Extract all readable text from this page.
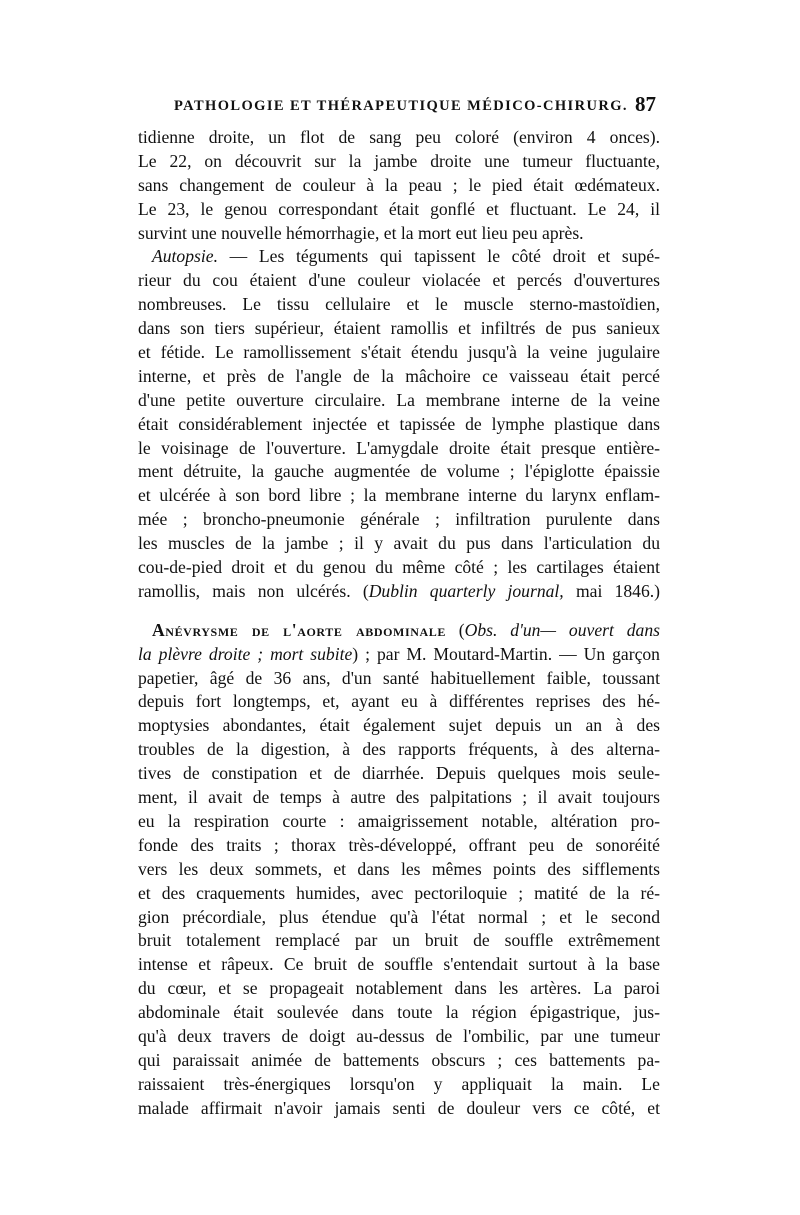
PATHOLOGIE ET THÉRAPEUTIQUE MÉDICO-CHIRURG. 87
tidienne droite, un flot de sang peu coloré (environ 4 onces).
Le 22, on découvrit sur la jambe droite une tumeur fluctuante,
sans changement de couleur à la peau ; le pied était œdémateux.
Le 23, le genou correspondant était gonflé et fluctuant. Le 24, il
survint une nouvelle hémorrhagie, et la mort eut lieu peu après.
Autopsie. — Les téguments qui tapissent le côté droit et supé-
rieur du cou étaient d'une couleur violacée et percés d'ouvertures
nombreuses. Le tissu cellulaire et le muscle sterno-mastoïdien,
dans son tiers supérieur, étaient ramollis et infiltrés de pus sanieux
et fétide. Le ramollissement s'était étendu jusqu'à la veine jugulaire
interne, et près de l'angle de la mâchoire ce vaisseau était percé
d'une petite ouverture circulaire. La membrane interne de la veine
était considérablement injectée et tapissée de lymphe plastique dans
le voisinage de l'ouverture. L'amygdale droite était presque entière-
ment détruite, la gauche augmentée de volume ; l'épiglotte épaissie
et ulcérée à son bord libre ; la membrane interne du larynx enflam-
mée ; broncho-pneumonie générale ; infiltration purulente dans
les muscles de la jambe ; il y avait du pus dans l'articulation du
cou-de-pied droit et du genou du même côté ; les cartilages étaient
ramollis, mais non ulcérés. (Dublin quarterly journal, mai 1846.)
Anévrysme de l'aorte abdominale (Obs. d'un— ouvert dans
la plèvre droite ; mort subite) ; par M. Moutard-Martin. — Un garçon
papetier, âgé de 36 ans, d'un santé habituellement faible, toussant
depuis fort longtemps, et, ayant eu à différentes reprises des hé-
moptysies abondantes, était également sujet depuis un an à des
troubles de la digestion, à des rapports fréquents, à des alterna-
tives de constipation et de diarrhée. Depuis quelques mois seule-
ment, il avait de temps à autre des palpitations ; il avait toujours
eu la respiration courte : amaigrissement notable, altération pro-
fonde des traits ; thorax très-développé, offrant peu de sonoréité
vers les deux sommets, et dans les mêmes points des sifflements
et des craquements humides, avec pectoriloquie ; matité de la ré-
gion précordiale, plus étendue qu'à l'état normal ; et le second
bruit totalement remplacé par un bruit de souffle extrêmement
intense et râpeux. Ce bruit de souffle s'entendait surtout à la base
du cœur, et se propageait notablement dans les artères. La paroi
abdominale était soulevée dans toute la région épigastrique, jus-
qu'à deux travers de doigt au-dessus de l'ombilic, par une tumeur
qui paraissait animée de battements obscurs ; ces battements pa-
raissaient très-énergiques lorsqu'on y appliquait la main. Le
malade affirmait n'avoir jamais senti de douleur vers ce côté, et
